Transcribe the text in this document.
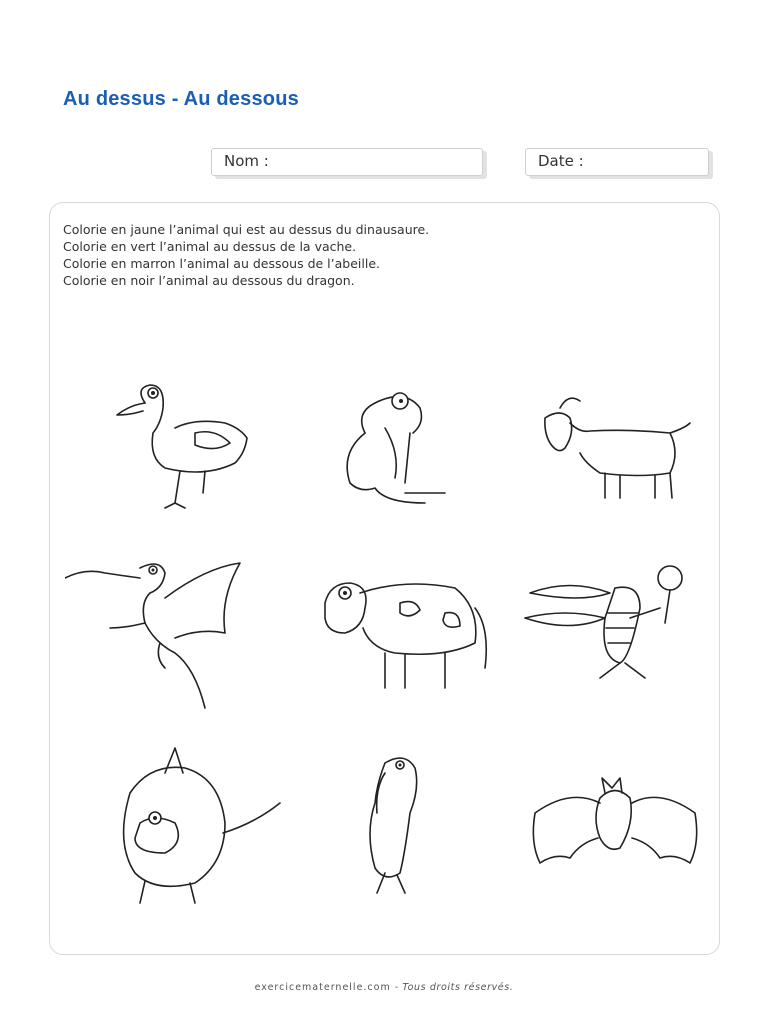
Au dessus - Au dessous
Nom :	Date :
Colorie en jaune l’animal qui est au dessus du dinausaure.
Colorie en vert l’animal au dessus de la vache.
Colorie en marron l’animal au dessous de l’abeille.
Colorie en noir l’animal au dessous du dragon.
exercicematernelle.com - Tous droits réservés.
